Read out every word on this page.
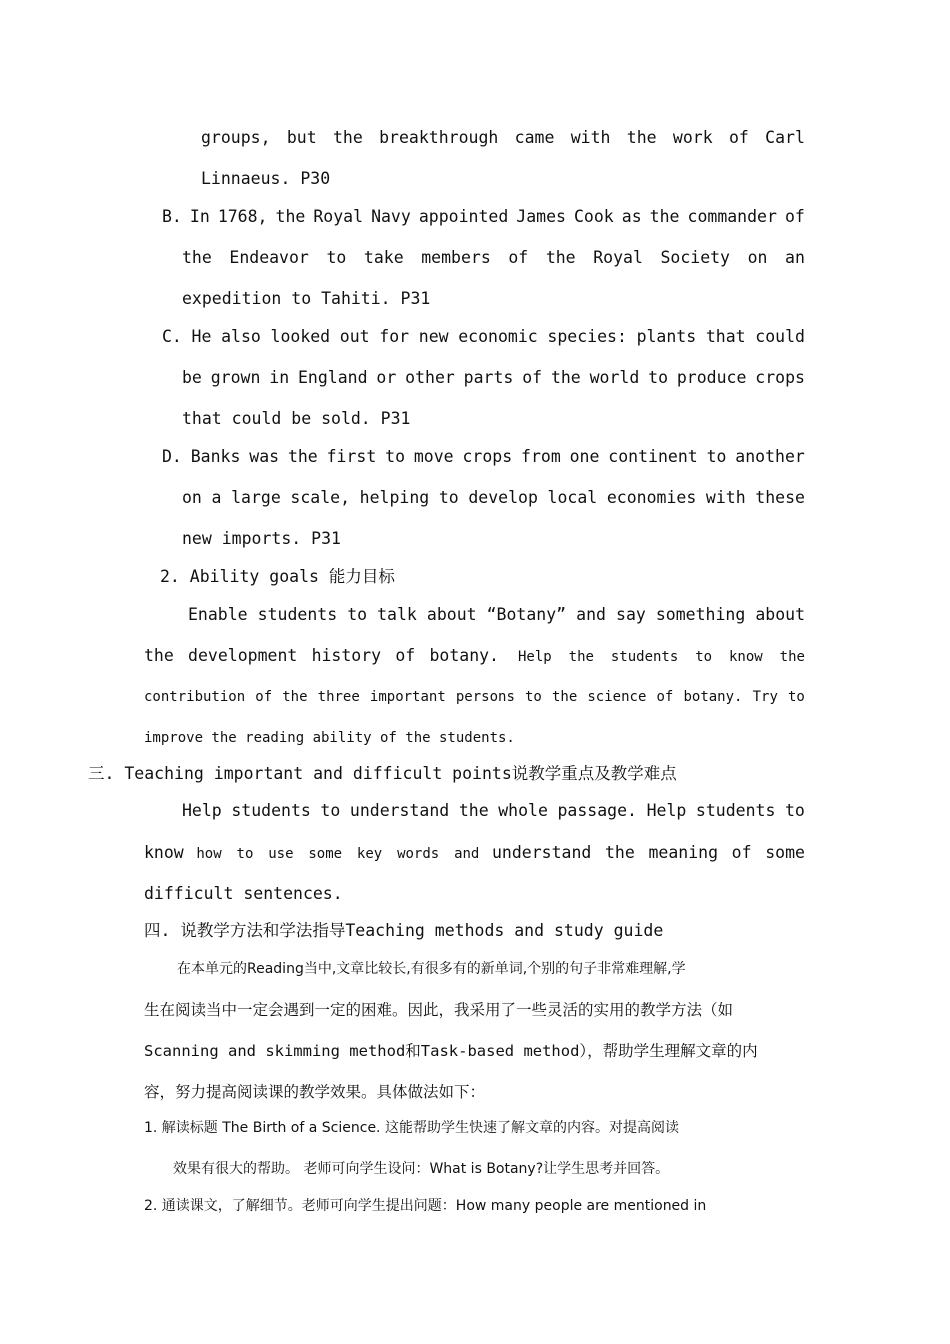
groups, but the breakthrough came with the work of Carl
Linnaeus. P30
B. In 1768, the Royal Navy appointed James Cook as the commander of
the Endeavor to take members of the Royal Society on an
expedition to Tahiti. P31
C. He also looked out for new economic species: plants that could
be grown in England or other parts of the world to produce crops
that could be sold. P31
D. Banks was the first to move crops from one continent to another
on a large scale, helping to develop local economies with these
new imports. P31
2. Ability goals 能力目标
Enable students to talk about “Botany” and say something about
the development history of botany. Help the students to know the
contribution of the three important persons to the science of botany. Try to
improve the reading ability of the students.
三. Teaching important and difficult points说教学重点及教学难点
Help students to understand the whole passage. Help students to
know how to use some key words and understand the meaning of some
difficult sentences.
四. 说教学方法和学法指导Teaching methods and study guide
在本单元的Reading当中,文章比较长,有很多有的新单词,个别的句子非常难理解,学
生在阅读当中一定会遇到一定的困难。因此，我采用了一些灵活的实用的教学方法（如
Scanning and skimming method和Task-based method），帮助学生理解文章的内
容，努力提高阅读课的教学效果。具体做法如下：
1. 解读标题 The Birth of a Science. 这能帮助学生快速了解文章的内容。对提高阅读
效果有很大的帮助。 老师可向学生设问：What is Botany?让学生思考并回答。
2. 通读课文，了解细节。老师可向学生提出问题：How many people are mentioned in
